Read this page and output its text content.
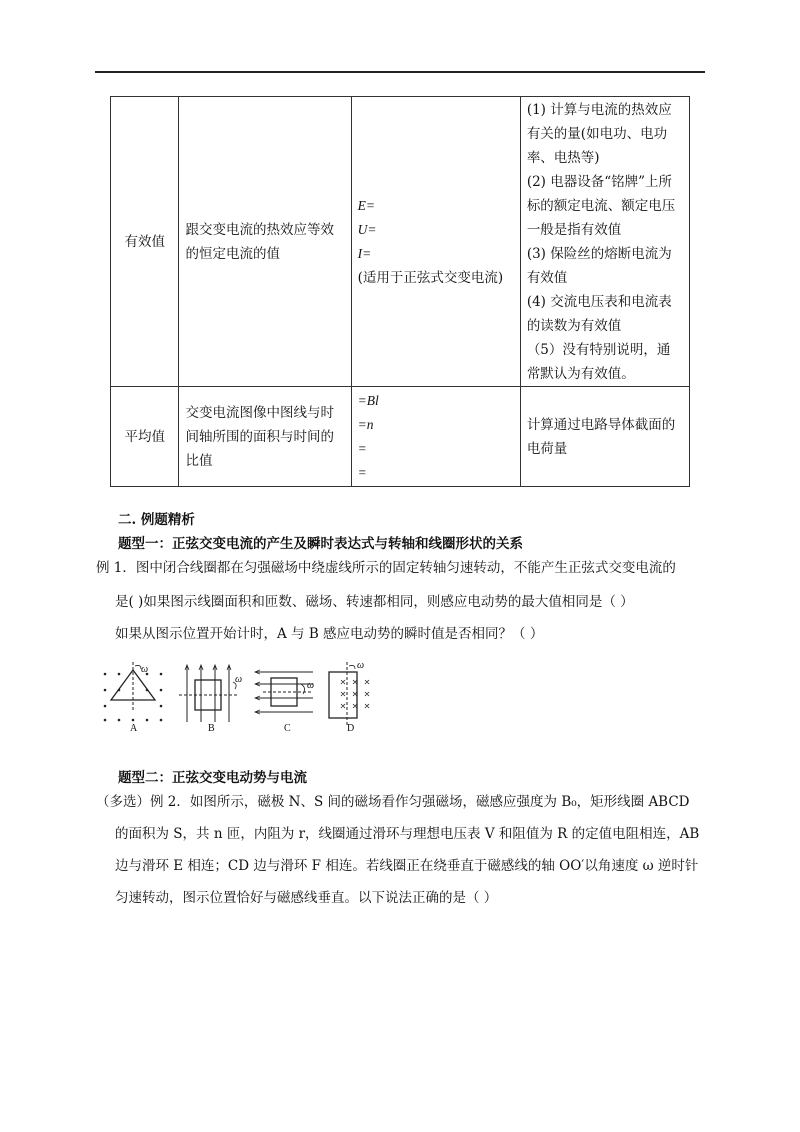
有效值	跟交变电流的热效应等效的恒定电流的值	E=
U=
I=
(适用于正弦式交变电流)	(1) 计算与电流的热效应有关的量(如电功、电功率、电热等)
(2) 电器设备“铭牌”上所标的额定电流、额定电压一般是指有效值
(3) 保险丝的熔断电流为有效值
(4) 交流电压表和电流表的读数为有效值
（5）没有特别说明，通常默认为有效值。

平均值	交变电流图像中图线与时间轴所围的面积与时间的比值	=Bl
=n
=
=	计算通过电路导体截面的电荷量
二. 例题精析
题型一：正弦交变电流的产生及瞬时表达式与转轴和线圈形状的关系
例 1．图中闭合线圈都在匀强磁场中绕虚线所示的固定转轴匀速转动，不能产生正弦式交变电流的
是( )如果图示线圈面积和匝数、磁场、转速都相同，则感应电动势的最大值相同是（ ）
如果从图示位置开始计时，A 与 B 感应电动势的瞬时值是否相同？（ ）
ω
ω
ω
ω
A	B	C	D
题型二：正弦交变电动势与电流
（多选）例 2．如图所示，磁极 N、S 间的磁场看作匀强磁场，磁感应强度为 B₀，矩形线圈 ABCD
的面积为 S，共 n 匝，内阻为 r，线圈通过滑环与理想电压表 V 和阻值为 R 的定值电阻相连，AB
边与滑环 E 相连；CD 边与滑环 F 相连。若线圈正在绕垂直于磁感线的轴 OO′以角速度 ω 逆时针
匀速转动，图示位置恰好与磁感线垂直。以下说法正确的是（ ）
